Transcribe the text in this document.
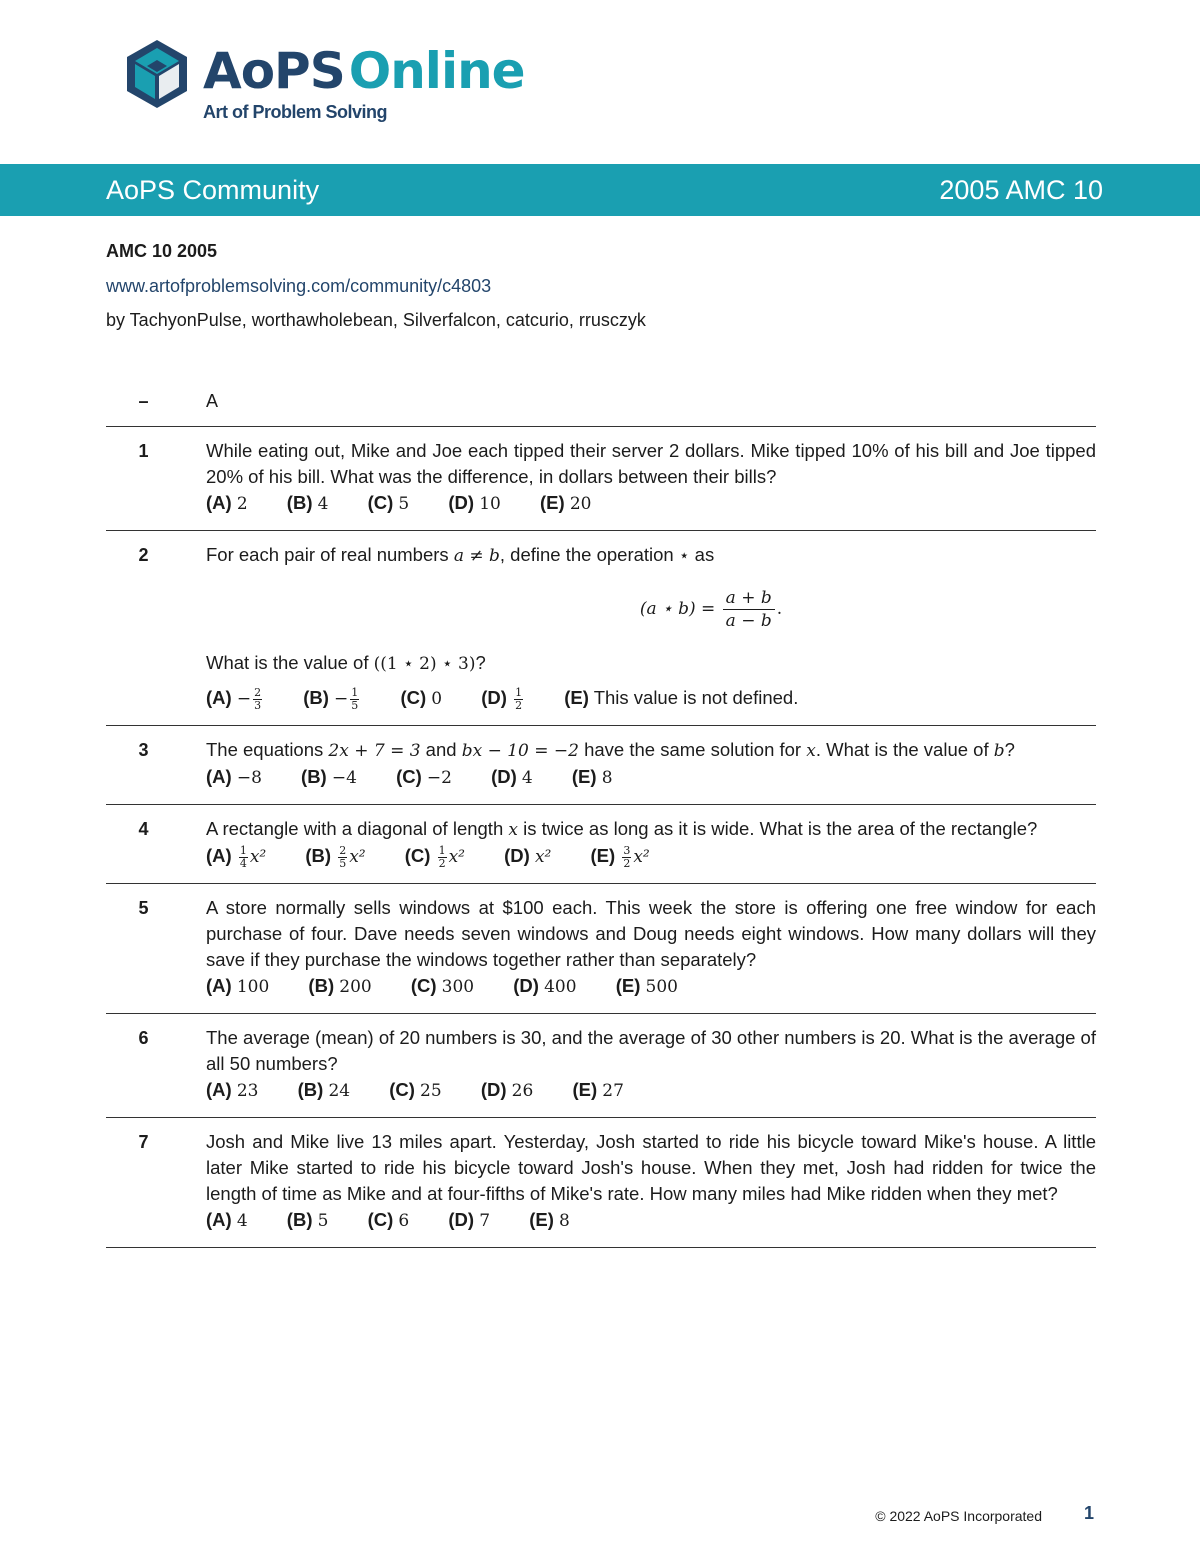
AoPSOnline
Art of Problem Solving
AoPS Community	2005 AMC 10
AMC 10 2005
www.artofproblemsolving.com/community/c4803
by TachyonPulse, worthawholebean, Silverfalcon, catcurio, rrusczyk
–	A
1	While eating out, Mike and Joe each tipped their server 2 dollars. Mike tipped 10% of his bill and Joe tipped 20% of his bill. What was the difference, in dollars between their bills?
(A) 2 (B) 4 (C) 5 (D) 10 (E) 20
2	For each pair of real numbers a ≠ b, define the operation ⋆ as
(a ⋆ $b) = \frac{a + b}{a - b}$ .
What is the value of ((1 ⋆ 2) ⋆ 3)?
$(A) - \frac{2}{3} (B) - \frac{1}{5} (C)$ 0 $(D) \frac{1}{2} (E)$ This value is not defined.
3	The equations 2x + 7 = 3 and bx − 10 = −2 have the same solution for x. What is the value of b?
(A) −8 (B) −4 (C) −2 (D) 4 (E) 8
4	A rectangle with a diagonal of length x is twice as long as it is wide. What is the area of the rectangle?
$(A) \frac{1}{4} x^2$ $(B) \frac{2}{5} x^2$ $(C) \frac{1}{2} x^2$ (D) x² $(E) \frac{3}{2} x^2$
5	A store normally sells windows at $100 each. This week the store is offering one free window for each purchase of four. Dave needs seven windows and Doug needs eight windows. How many dollars will they save if they purchase the windows together rather than separately?
(A) 100 (B) 200 (C) 300 (D) 400 (E) 500
6	The average (mean) of 20 numbers is 30, and the average of 30 other numbers is 20. What is the average of all 50 numbers?
(A) 23 (B) 24 (C) 25 (D) 26 (E) 27
7	Josh and Mike live 13 miles apart. Yesterday, Josh started to ride his bicycle toward Mike's house. A little later Mike started to ride his bicycle toward Josh's house. When they met, Josh had ridden for twice the length of time as Mike and at four-fifths of Mike's rate. How many miles had Mike ridden when they met?
(A) 4 (B) 5 (C) 6 (D) 7 (E) 8
© 2022 AoPS Incorporated 1
